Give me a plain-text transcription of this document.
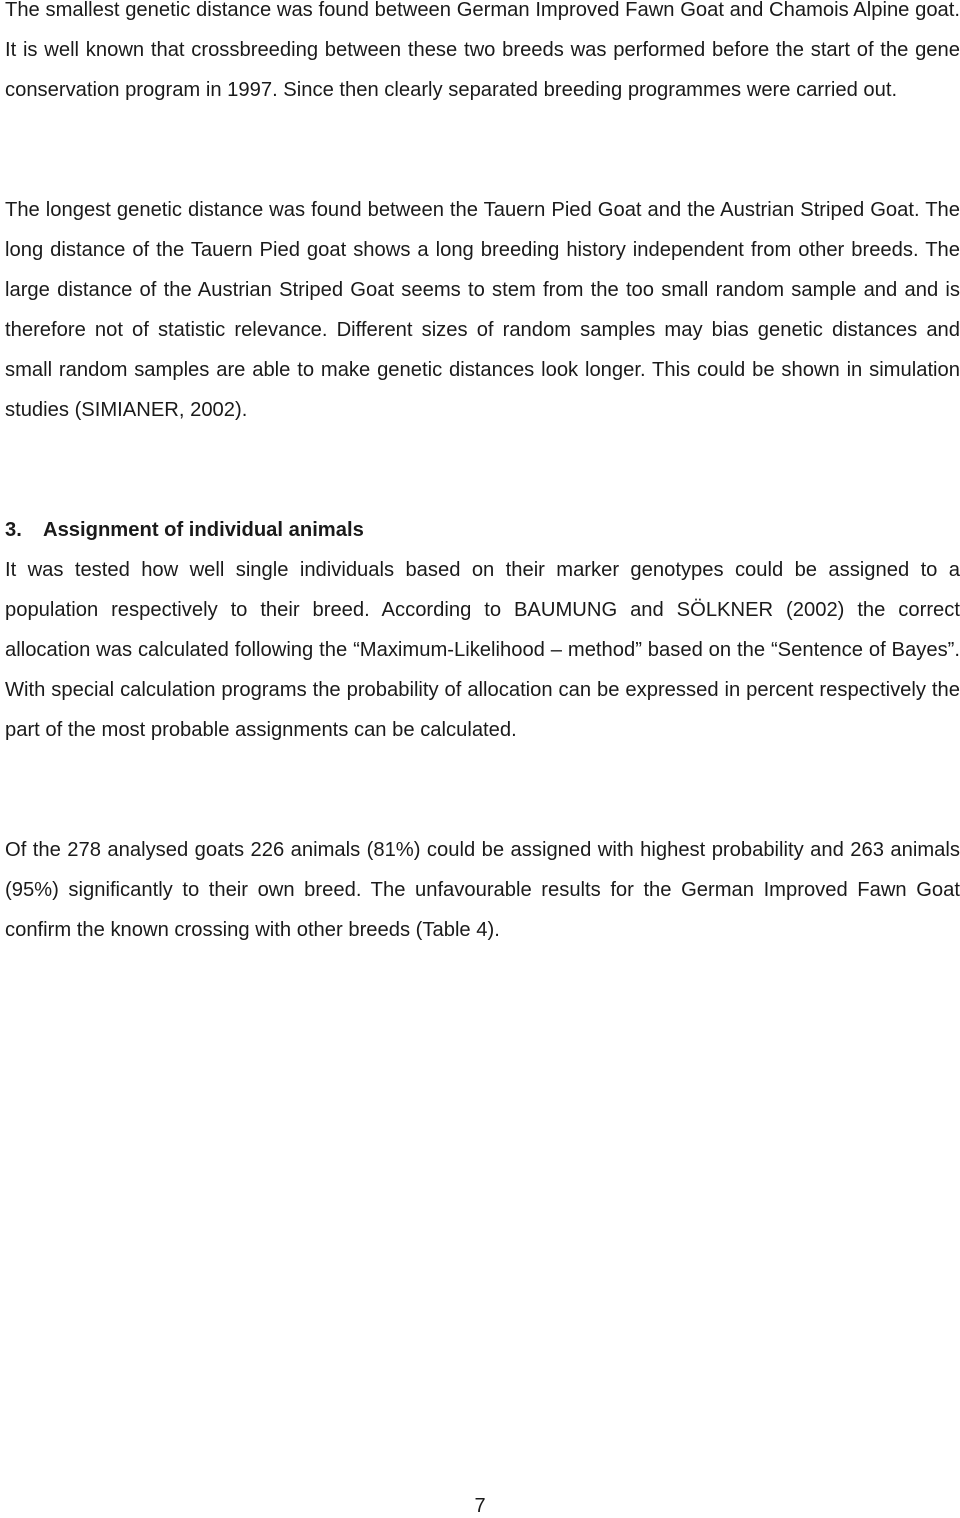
The smallest genetic distance was found between German Improved Fawn Goat and Chamois Alpine goat. It is well known that crossbreeding between these two breeds was performed before the start of the gene conservation program in 1997. Since then clearly separated breeding programmes were carried out.

The longest genetic distance was found between the Tauern Pied Goat and the Austrian Striped Goat. The long distance of the Tauern Pied goat shows a long breeding history independent from other breeds. The large distance of the Austrian Striped Goat seems to stem from the too small random sample and and is therefore not of statistic relevance. Different sizes of random samples may bias genetic distances and small random samples are able to make genetic distances look longer. This could be shown in simulation studies (SIMIANER, 2002).

3. Assignment of individual animals

It was tested how well single individuals based on their marker genotypes could be assigned to a population respectively to their breed. According to BAUMUNG and SÖLKNER (2002) the correct allocation was calculated following the “Maximum-Likelihood – method” based on the “Sentence of Bayes”. With special calculation programs the probability of allocation can be expressed in percent respectively the part of the most probable assignments can be calculated.

Of the 278 analysed goats 226 animals (81%) could be assigned with highest probability and 263 animals (95%) significantly to their own breed. The unfavourable results for the German Improved Fawn Goat confirm the known crossing with other breeds (Table 4).

7
